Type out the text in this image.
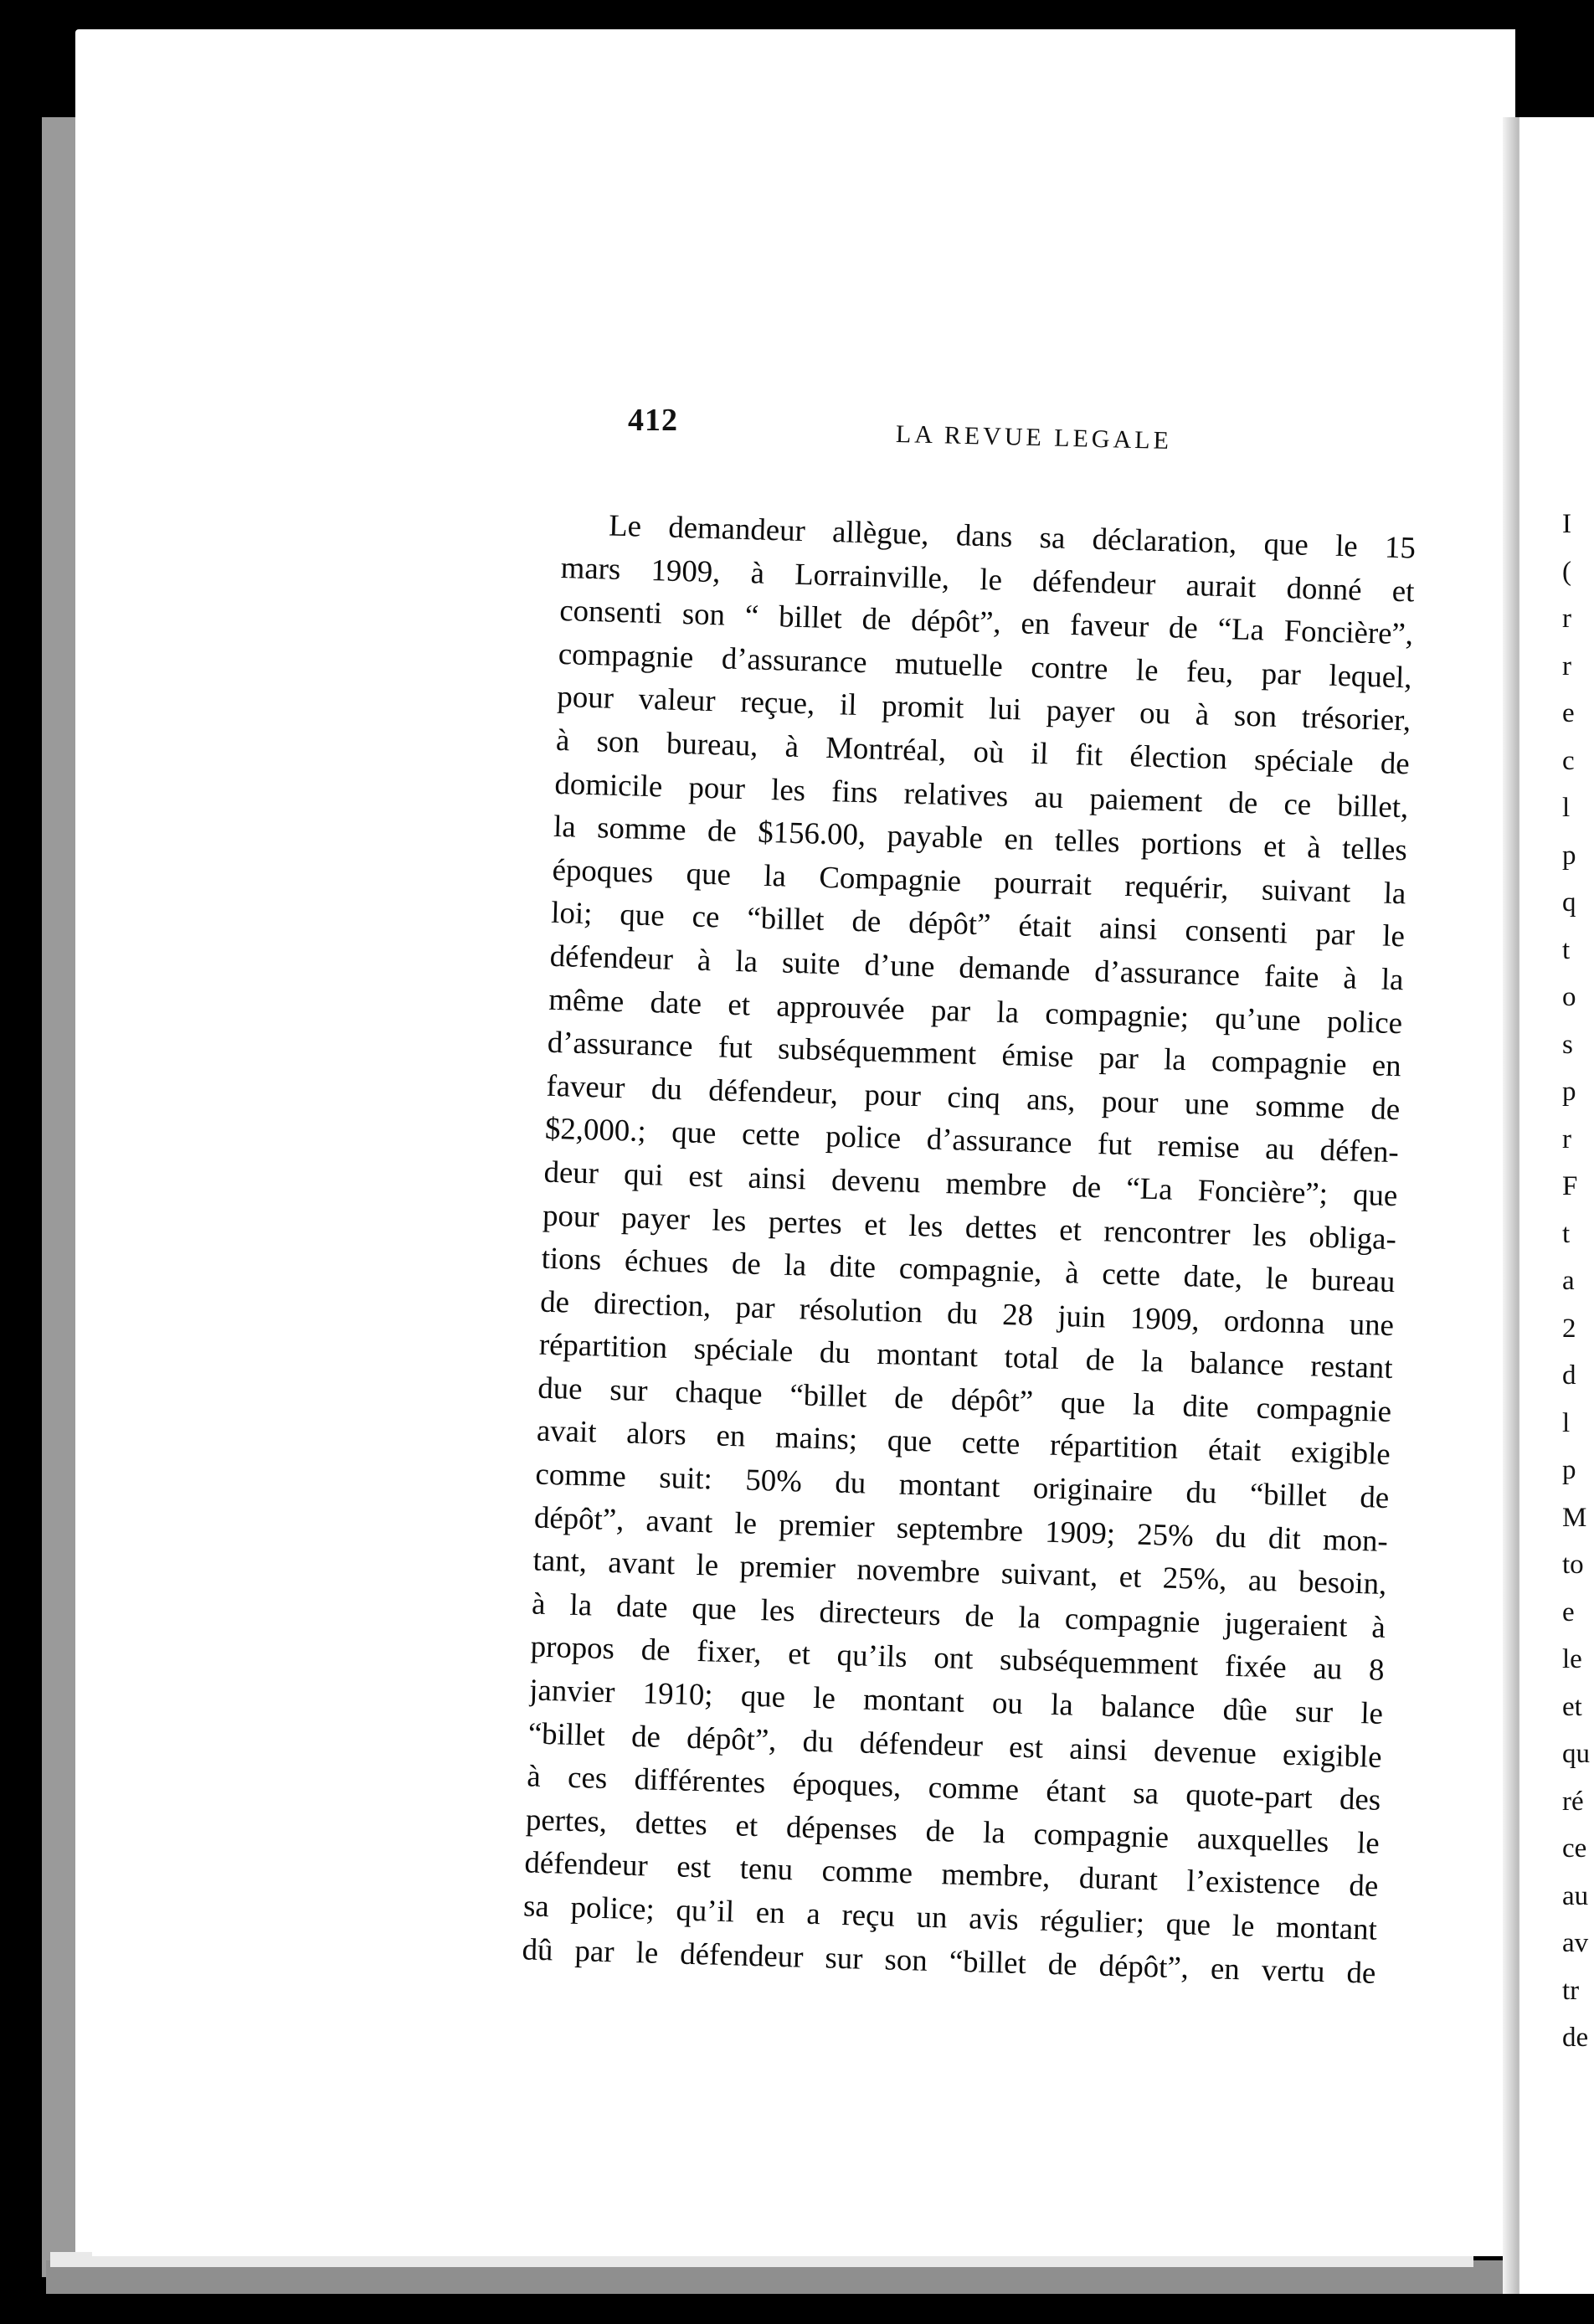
I
(
r
r
e
c
l
p
q
t
o
s
p
r
F
t
a
2
d
l
p
M
to
e
le
et
qu
ré
ce
au
av
tr
de
412	LA REVUE LEGALE
Le demandeur allègue, dans sa déclaration, que le 15
mars 1909, à Lorrainville, le défendeur aurait donné et
consenti son “ billet de dépôt”, en faveur de “La Foncière”,
compagnie d’assurance mutuelle contre le feu, par lequel,
pour valeur reçue, il promit lui payer ou à son trésorier,
à son bureau, à Montréal, où il fit élection spéciale de
domicile pour les fins relatives au paiement de ce billet,
la somme de $156.00, payable en telles portions et à telles
époques que la Compagnie pourrait requérir, suivant la
loi; que ce “billet de dépôt” était ainsi consenti par le
défendeur à la suite d’une demande d’assurance faite à la
même date et approuvée par la compagnie; qu’une police
d’assurance fut subséquemment émise par la compagnie en
faveur du défendeur, pour cinq ans, pour une somme de
$2,000.; que cette police d’assurance fut remise au défen-
deur qui est ainsi devenu membre de “La Foncière”; que
pour payer les pertes et les dettes et rencontrer les obliga-
tions échues de la dite compagnie, à cette date, le bureau
de direction, par résolution du 28 juin 1909, ordonna une
répartition spéciale du montant total de la balance restant
due sur chaque “billet de dépôt” que la dite compagnie
avait alors en mains; que cette répartition était exigible
comme suit: 50% du montant originaire du “billet de
dépôt”, avant le premier septembre 1909; 25% du dit mon-
tant, avant le premier novembre suivant, et 25%, au besoin,
à la date que les directeurs de la compagnie jugeraient à
propos de fixer, et qu’ils ont subséquemment fixée au 8
janvier 1910; que le montant ou la balance dûe sur le
“billet de dépôt”, du défendeur est ainsi devenue exigible
à ces différentes époques, comme étant sa quote-part des
pertes, dettes et dépenses de la compagnie auxquelles le
défendeur est tenu comme membre, durant l’existence de
sa police; qu’il en a reçu un avis régulier; que le montant
dû par le défendeur sur son “billet de dépôt”, en vertu de
